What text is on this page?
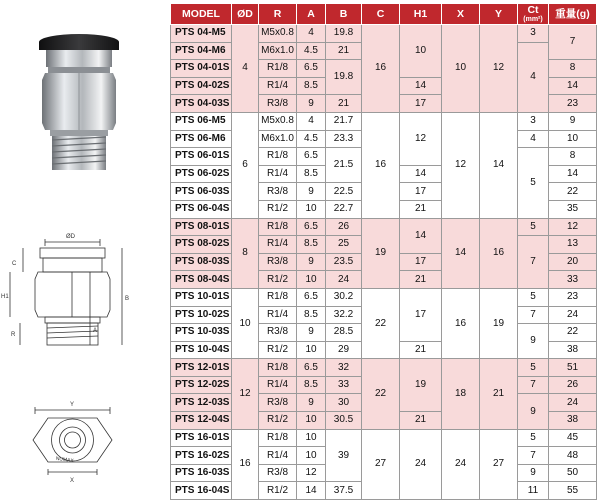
ØD
C
H1
R
A
B
Y
X
NUMAX
MODEL	ØD	R	A	B	C	H1	X	Y	Ct
(mm²)	重量(g)
PTS 04-M5	4	M5x0.8	4	19.8	16	10	10	12	3	7
PTS 04-M6		M6x1.0	4.5	21					4	
PTS 04-01S		R1/8	6.5	19.8						8
PTS 04-02S		R1/4	8.5			14				14
PTS 04-03S		R3/8	9	21		17				23
PTS 06-M5	6	M5x0.8	4	21.7	16	12	12	14	3	9
PTS 06-M6		M6x1.0	4.5	23.3					4	10
PTS 06-01S		R1/8	6.5	21.5					5	8
PTS 06-02S		R1/4	8.5			14				14
PTS 06-03S		R3/8	9	22.5		17				22
PTS 06-04S		R1/2	10	22.7		21				35
PTS 08-01S	8	R1/8	6.5	26	19	14	14	16	5	12
PTS 08-02S		R1/4	8.5	25					7	13
PTS 08-03S		R3/8	9	23.5		17				20
PTS 08-04S		R1/2	10	24		21				33
PTS 10-01S	10	R1/8	6.5	30.2	22	17	16	19	5	23
PTS 10-02S		R1/4	8.5	32.2					7	24
PTS 10-03S		R3/8	9	28.5					9	22
PTS 10-04S		R1/2	10	29		21				38
PTS 12-01S	12	R1/8	6.5	32	22	19	18	21	5	51
PTS 12-02S		R1/4	8.5	33					7	26
PTS 12-03S		R3/8	9	30					9	24
PTS 12-04S		R1/2	10	30.5		21				38
PTS 16-01S	16	R1/8	10	39	27	24	24	27	5	45
PTS 16-02S		R1/4	10						7	48
PTS 16-03S		R3/8	12						9	50
PTS 16-04S		R1/2	14	37.5					11	55
